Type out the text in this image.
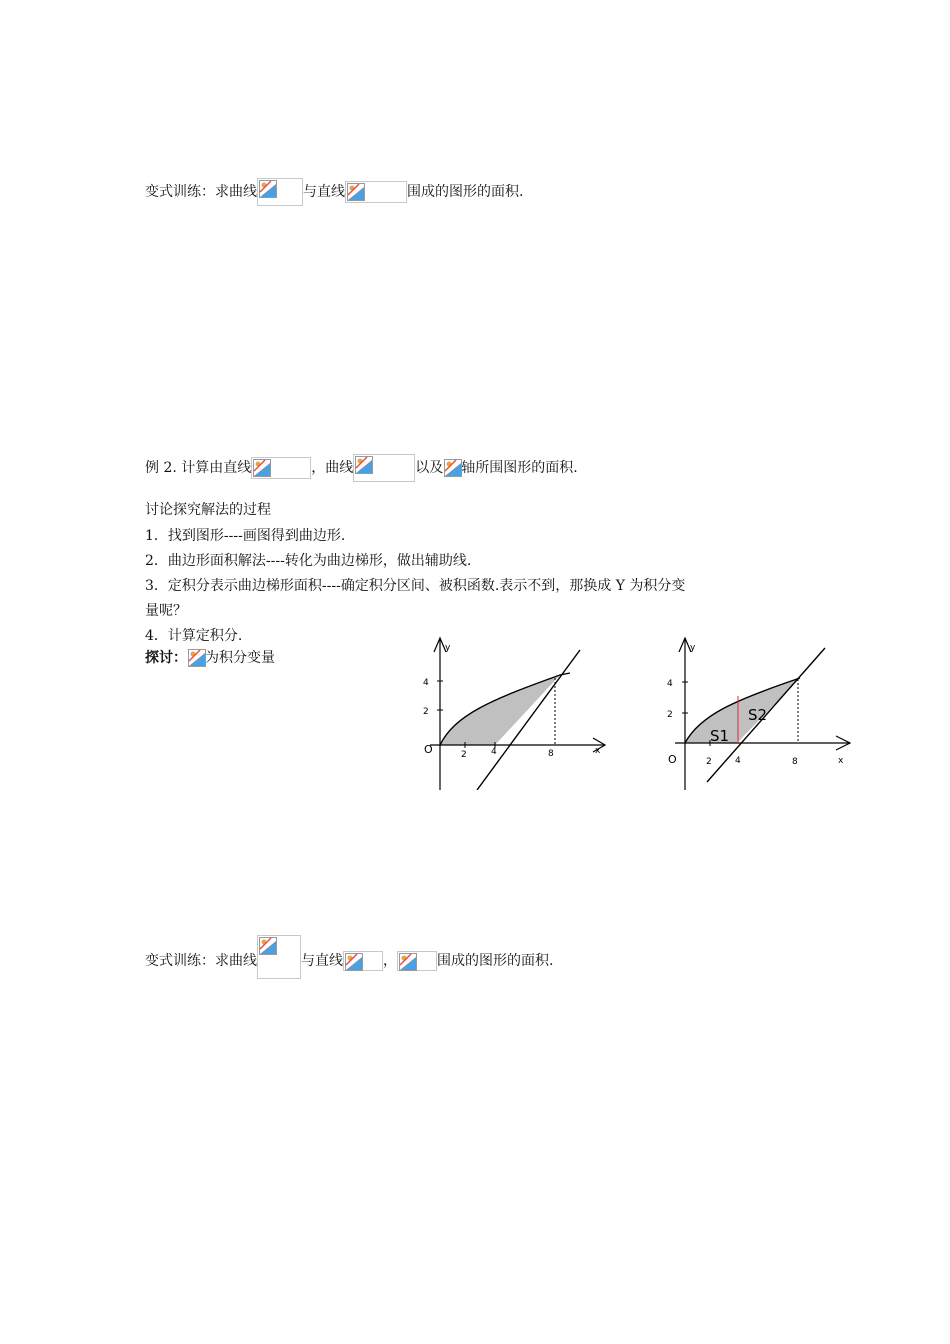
变式训练：求曲线	与直线	围成的图形的面积.
例 2. 计算由直线	，曲线	以及 轴所围图形的面积.
讨论探究解法的过程
1．找到图形----画图得到曲边形.
2．曲边形面积解法----转化为曲边梯形，做出辅助线.
3．定积分表示曲边梯形面积----确定积分区间、被积函数.表示不到，那换成 Y 为积分变
量呢？
4．计算定积分.
探讨： 为积分变量
y
x
O
4
2
2	4	8
y
x
O
4
2
2	4	8
S1
S2
变式训练：求曲线	与直线	，	围成的图形的面积.
